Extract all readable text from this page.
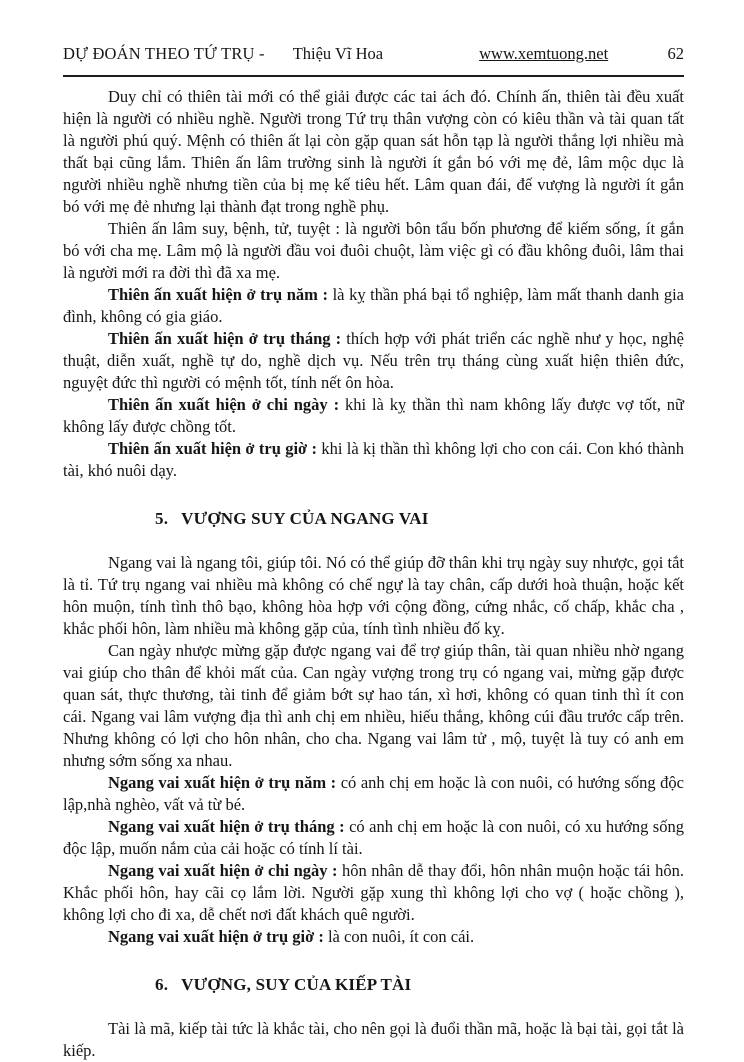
DỰ ĐOÁN THEO TỨ TRỤ - Thiệu Vĩ Hoa	www.xemtuong.net	62

Duy chỉ có thiên tài mới có thể giải được các tai ách đó. Chính ấn, thiên tài đều xuất hiện là người có nhiều nghề. Người trong Tứ trụ thân vượng còn có kiêu thần và tài quan tất là người phú quý. Mệnh có thiên ất lại còn gặp quan sát hỗn tạp là người thắng lợi nhiều mà thất bại cũng lắm. Thiên ấn lâm trường sinh là người ít gắn bó với mẹ đẻ, lâm mộc dục là người nhiều nghề nhưng tiền của bị mẹ kế tiêu hết. Lâm quan đái, đế vượng là người ít gắn bó với mẹ đẻ nhưng lại thành đạt trong nghề phụ.

Thiên ấn lâm suy, bệnh, tử, tuyệt : là người bôn tẩu bốn phương để kiếm sống, ít gắn bó với cha mẹ. Lâm mộ là người đầu voi đuôi chuột, làm việc gì có đầu không đuôi, lâm thai là người mới ra đời thì đã xa mẹ.

Thiên ấn xuất hiện ở trụ năm : là kỵ thần phá bại tổ nghiệp, làm mất thanh danh gia đình, không có gia giáo.

Thiên ấn xuất hiện ở trụ tháng : thích hợp với phát triển các nghề như y học, nghệ thuật, diễn xuất, nghề tự do, nghề dịch vụ. Nếu trên trụ tháng cùng xuất hiện thiên đức, nguyệt đức thì người có mệnh tốt, tính nết ôn hòa.

Thiên ấn xuất hiện ở chi ngày : khi là kỵ thần thì nam không lấy được vợ tốt, nữ không lấy được chồng tốt.

Thiên ấn xuất hiện ở trụ giờ : khi là kị thần thì không lợi cho con cái. Con khó thành tài, khó nuôi dạy.

5. VƯỢNG SUY CỦA NGANG VAI

Ngang vai là ngang tôi, giúp tôi. Nó có thể giúp đỡ thân khi trụ ngày suy nhược, gọi tắt là tỉ. Tứ trụ ngang vai nhiều mà không có chế ngự là tay chân, cấp dưới hoà thuận, hoặc kết hôn muộn, tính tình thô bạo, không hòa hợp với cộng đồng, cứng nhắc, cố chấp, khắc cha , khắc phối hôn, làm nhiều mà không gặp của, tính tình nhiều đố kỵ.

Can ngày nhược mừng gặp được ngang vai để trợ giúp thân, tài quan nhiều nhờ ngang vai giúp cho thân để khỏi mất của. Can ngày vượng trong trụ có ngang vai, mừng gặp được quan sát, thực thương, tài tinh để giảm bớt sự hao tán, xì hơi, không có quan tinh thì ít con cái. Ngang vai lâm vượng địa thì anh chị em nhiều, hiếu thắng, không cúi đầu trước cấp trên. Nhưng không có lợi cho hôn nhân, cho cha. Ngang vai lâm tử , mộ, tuyệt là tuy có anh em nhưng sớm sống xa nhau.

Ngang vai xuất hiện ở trụ năm : có anh chị em hoặc là con nuôi, có hướng sống độc lập,nhà nghèo, vất vả từ bé.

Ngang vai xuất hiện ở trụ tháng : có anh chị em hoặc là con nuôi, có xu hướng sống độc lập, muốn nắm của cải hoặc có tính lí tài.

Ngang vai xuất hiện ở chi ngày : hôn nhân dễ thay đổi, hôn nhân muộn hoặc tái hôn. Khắc phối hôn, hay cãi cọ lắm lời. Người gặp xung thì không lợi cho vợ ( hoặc chồng ), không lợi cho đi xa, dễ chết nơi đất khách quê người.

Ngang vai xuất hiện ở trụ giờ : là con nuôi, ít con cái.

6. VƯỢNG, SUY CỦA KIẾP TÀI

Tài là mã, kiếp tài tức là khắc tài, cho nên gọi là đuổi thần mã, hoặc là bại tài, gọi tắt là kiếp.
